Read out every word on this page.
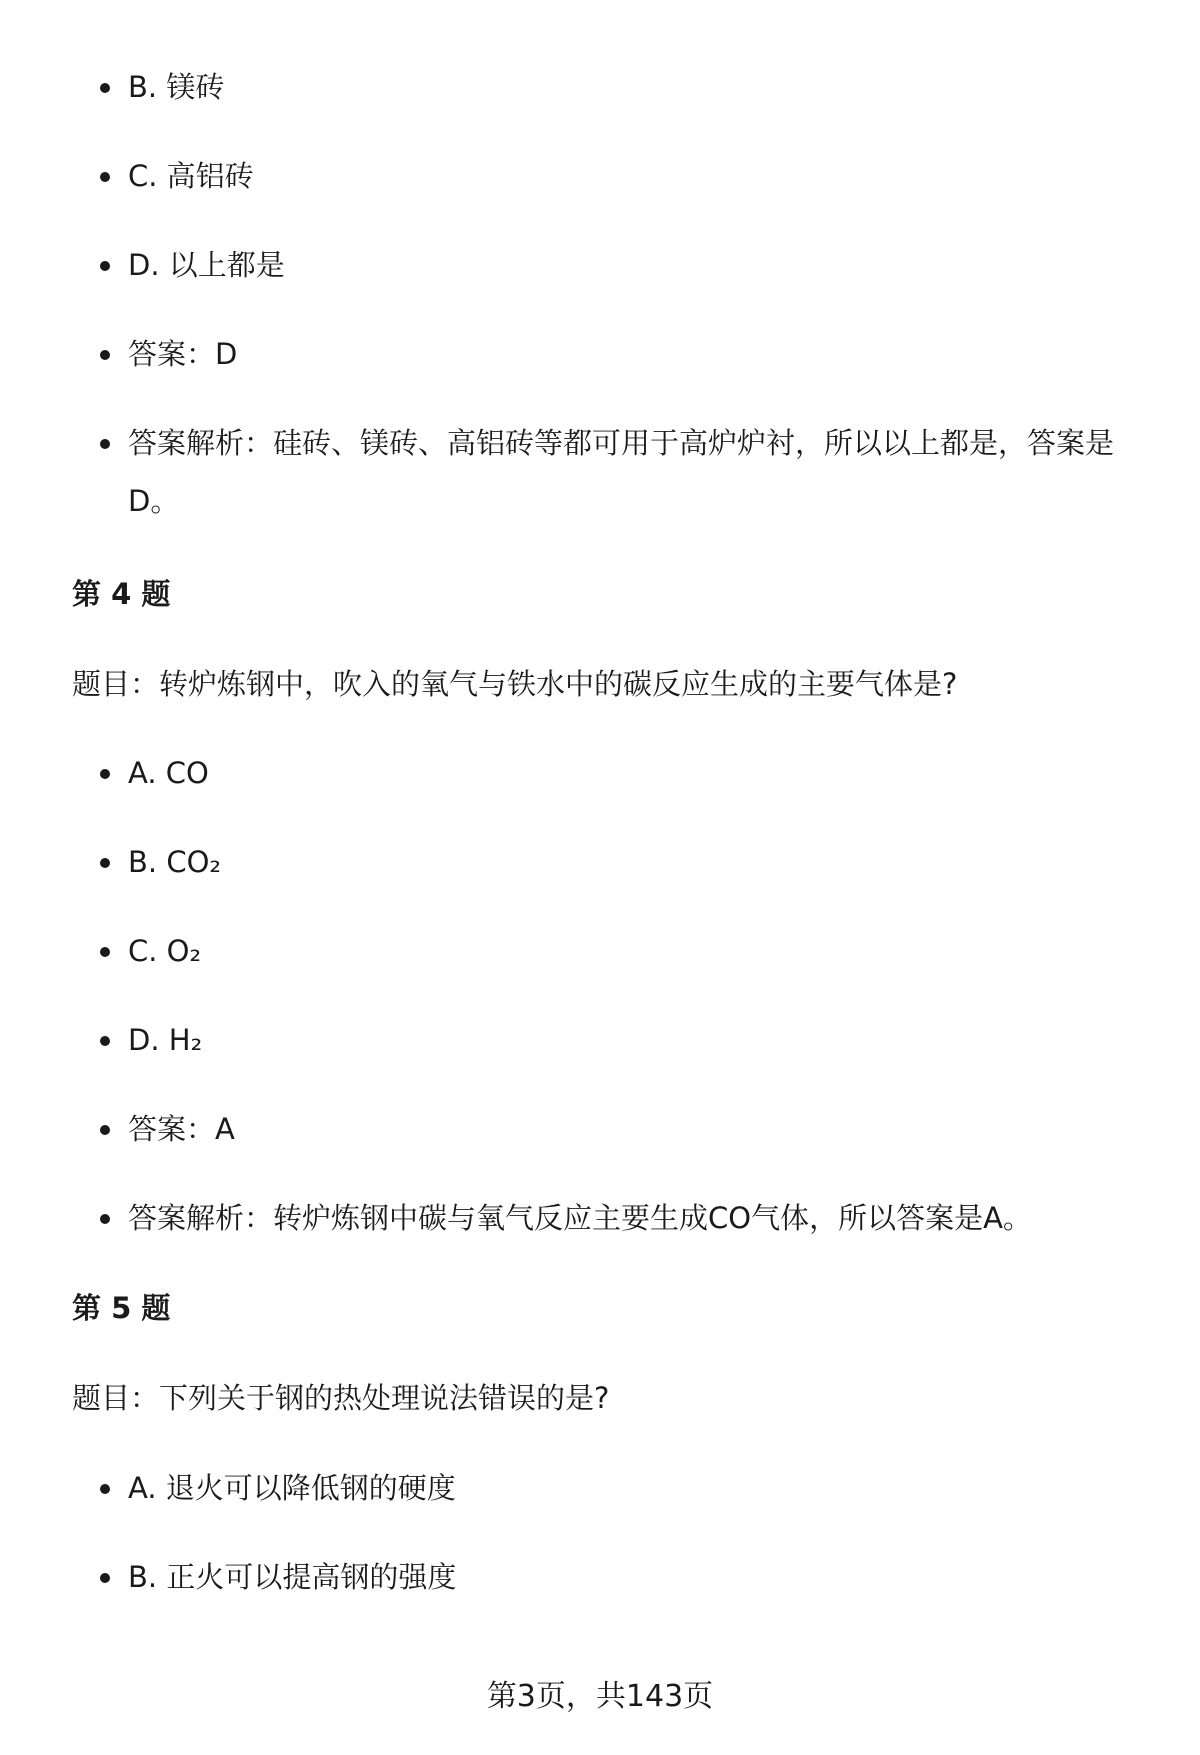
B. 镁砖
C. 高铝砖
D. 以上都是
答案：D
答案解析：硅砖、镁砖、高铝砖等都可用于高炉炉衬，所以以上都是，答案是D。
第 4 题

题目：转炉炼钢中，吹入的氧气与铁水中的碳反应生成的主要气体是?

A. CO
B. CO₂
C. O₂
D. H₂
答案：A
答案解析：转炉炼钢中碳与氧气反应主要生成CO气体，所以答案是A。
第 5 题

题目：下列关于钢的热处理说法错误的是?

A. 退火可以降低钢的硬度
B. 正火可以提高钢的强度
第3页，共143页
